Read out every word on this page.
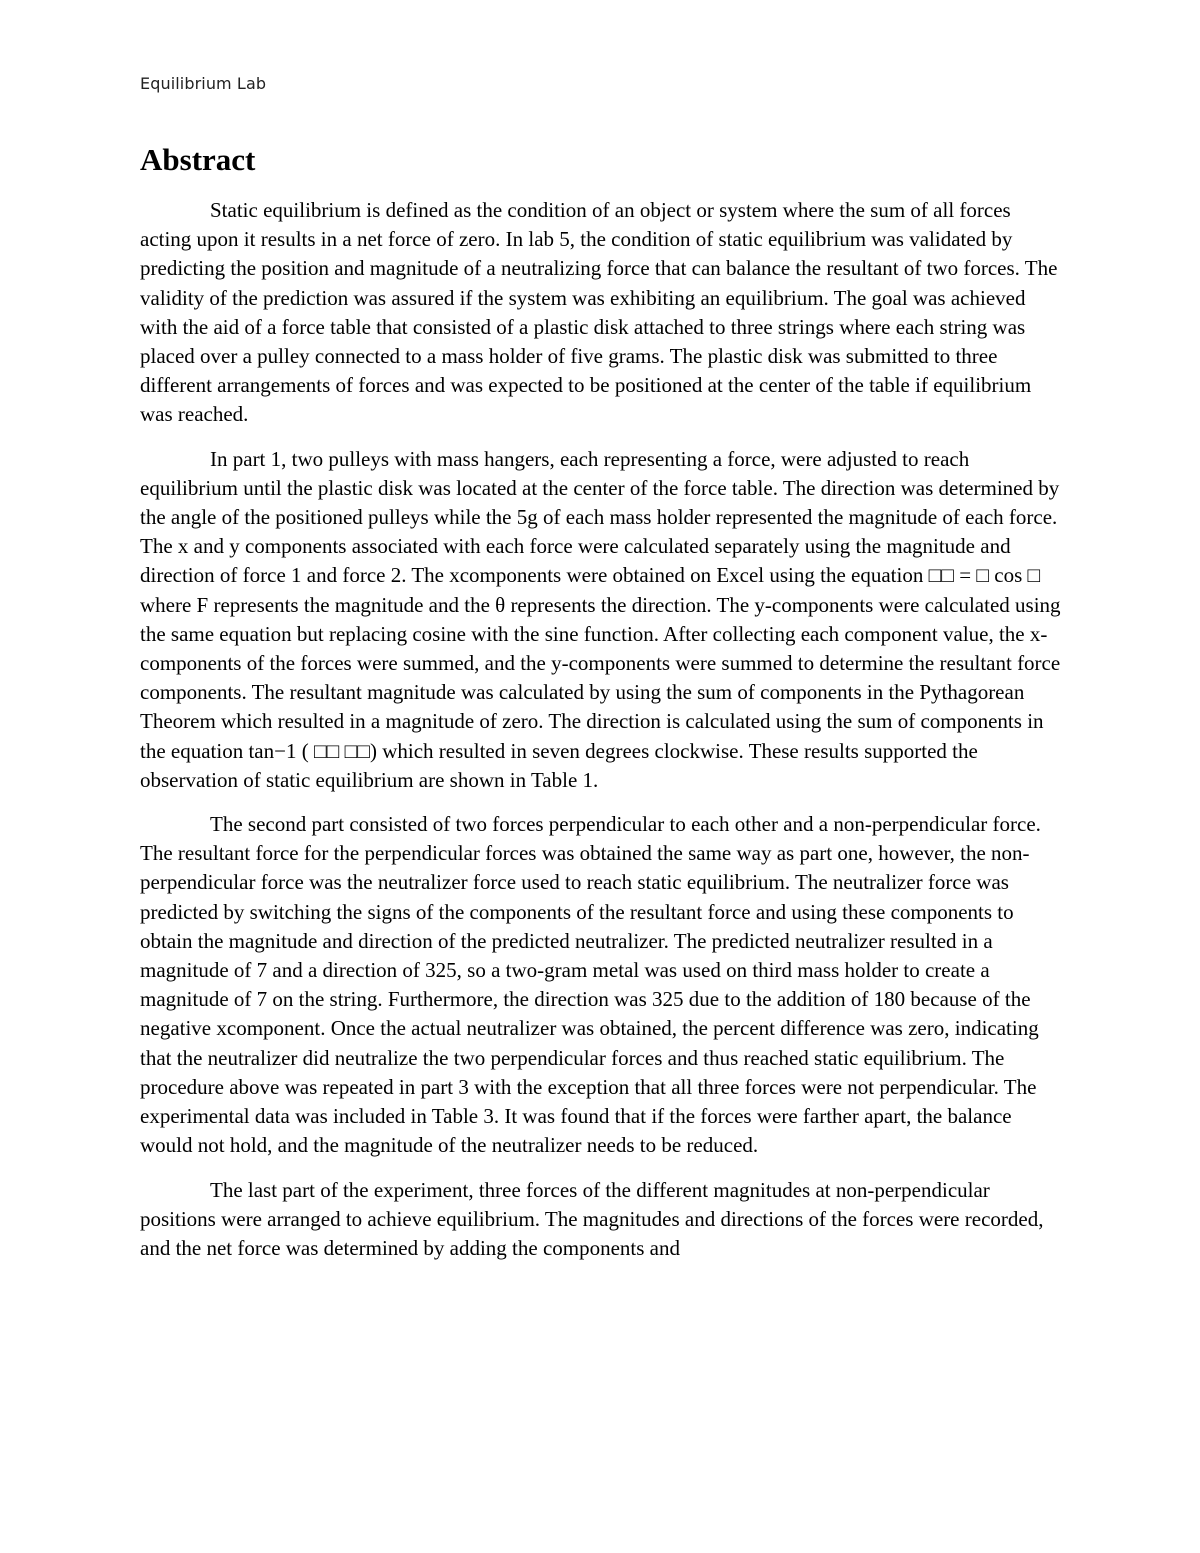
Equilibrium Lab
Abstract

Static equilibrium is defined as the condition of an object or system where the sum of all forces acting upon it results in a net force of zero. In lab 5, the condition of static equilibrium was validated by predicting the position and magnitude of a neutralizing force that can balance the resultant of two forces. The validity of the prediction was assured if the system was exhibiting an equilibrium. The goal was achieved with the aid of a force table that consisted of a plastic disk attached to three strings where each string was placed over a pulley connected to a mass holder of five grams. The plastic disk was submitted to three different arrangements of forces and was expected to be positioned at the center of the table if equilibrium was reached.

In part 1, two pulleys with mass hangers, each representing a force, were adjusted to reach equilibrium until the plastic disk was located at the center of the force table. The direction was determined by the angle of the positioned pulleys while the 5g of each mass holder represented the magnitude of each force. The x and y components associated with each force were calculated separately using the magnitude and direction of force 1 and force 2. The xcomponents were obtained on Excel using the equation □□ = □ cos □ where F represents the magnitude and the θ represents the direction. The y-components were calculated using the same equation but replacing cosine with the sine function. After collecting each component value, the x-components of the forces were summed, and the y-components were summed to determine the resultant force components. The resultant magnitude was calculated by using the sum of components in the Pythagorean Theorem which resulted in a magnitude of zero. The direction is calculated using the sum of components in the equation tan−1 ( □□ □□) which resulted in seven degrees clockwise. These results supported the observation of static equilibrium are shown in Table 1.

The second part consisted of two forces perpendicular to each other and a non-perpendicular force. The resultant force for the perpendicular forces was obtained the same way as part one, however, the non-perpendicular force was the neutralizer force used to reach static equilibrium. The neutralizer force was predicted by switching the signs of the components of the resultant force and using these components to obtain the magnitude and direction of the predicted neutralizer. The predicted neutralizer resulted in a magnitude of 7 and a direction of 325, so a two-gram metal was used on third mass holder to create a magnitude of 7 on the string. Furthermore, the direction was 325 due to the addition of 180 because of the negative xcomponent. Once the actual neutralizer was obtained, the percent difference was zero, indicating that the neutralizer did neutralize the two perpendicular forces and thus reached static equilibrium. The procedure above was repeated in part 3 with the exception that all three forces were not perpendicular. The experimental data was included in Table 3. It was found that if the forces were farther apart, the balance would not hold, and the magnitude of the neutralizer needs to be reduced.

The last part of the experiment, three forces of the different magnitudes at non-perpendicular positions were arranged to achieve equilibrium. The magnitudes and directions of the forces were recorded, and the net force was determined by adding the components and
